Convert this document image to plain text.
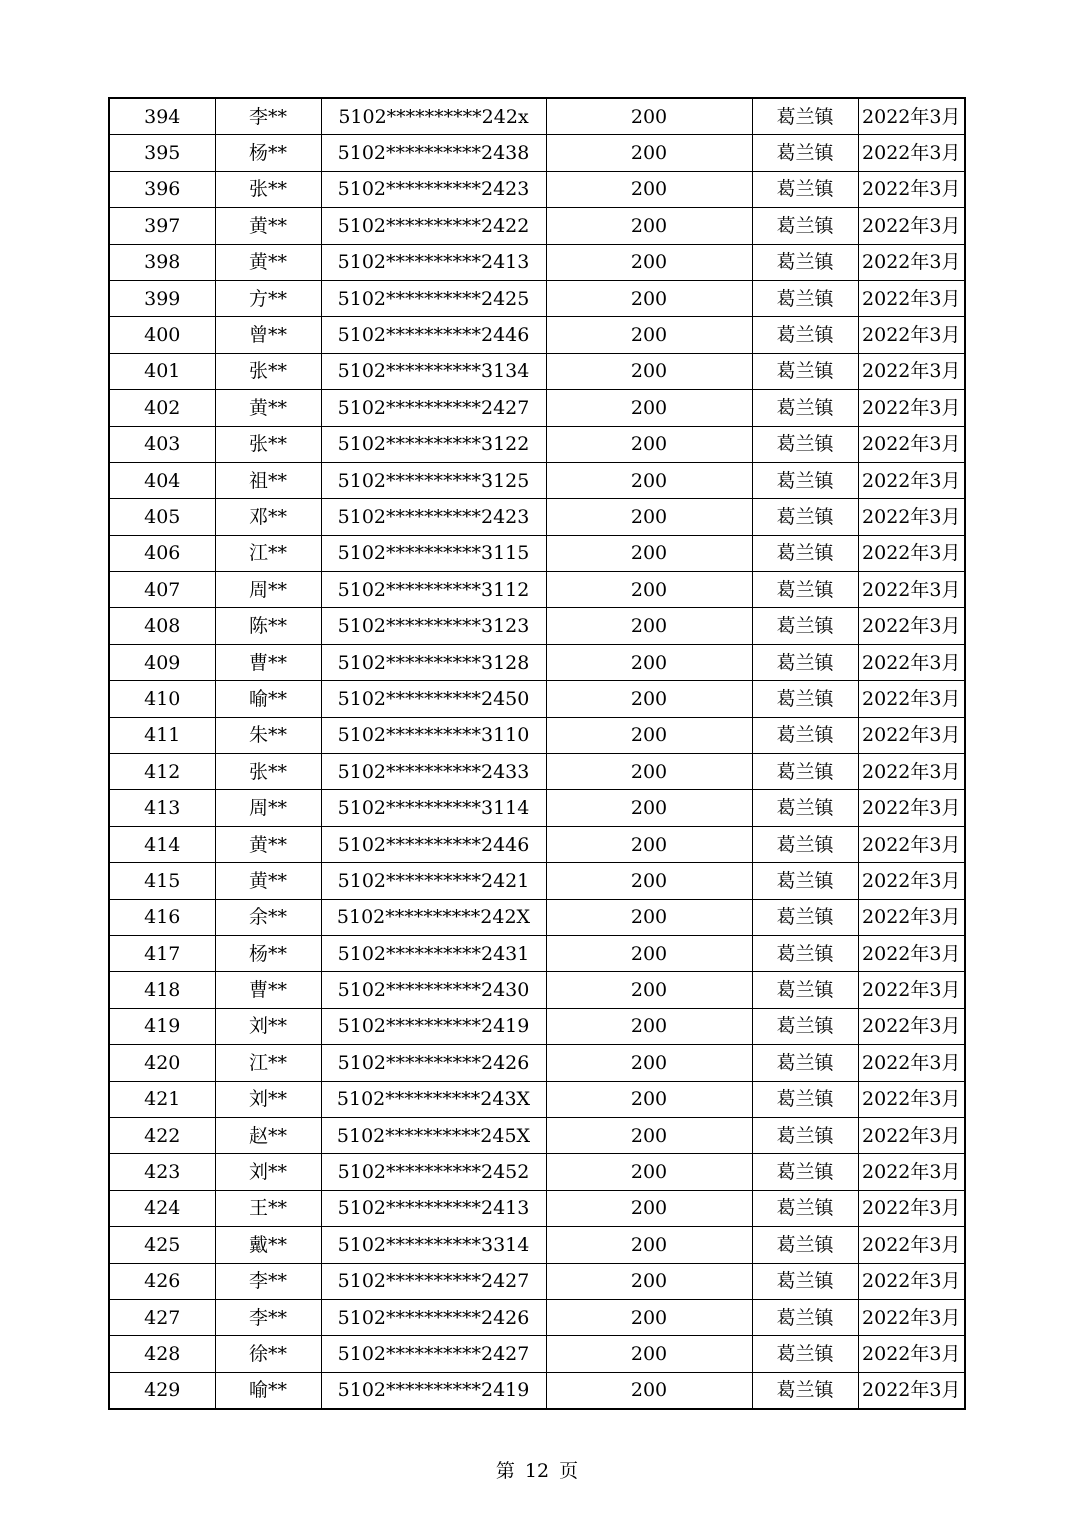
394	李**	5102**********242x	200	葛兰镇	2022年3月
395	杨**	5102**********2438	200	葛兰镇	2022年3月
396	张**	5102**********2423	200	葛兰镇	2022年3月
397	黄**	5102**********2422	200	葛兰镇	2022年3月
398	黄**	5102**********2413	200	葛兰镇	2022年3月
399	方**	5102**********2425	200	葛兰镇	2022年3月
400	曾**	5102**********2446	200	葛兰镇	2022年3月
401	张**	5102**********3134	200	葛兰镇	2022年3月
402	黄**	5102**********2427	200	葛兰镇	2022年3月
403	张**	5102**********3122	200	葛兰镇	2022年3月
404	祖**	5102**********3125	200	葛兰镇	2022年3月
405	邓**	5102**********2423	200	葛兰镇	2022年3月
406	江**	5102**********3115	200	葛兰镇	2022年3月
407	周**	5102**********3112	200	葛兰镇	2022年3月
408	陈**	5102**********3123	200	葛兰镇	2022年3月
409	曹**	5102**********3128	200	葛兰镇	2022年3月
410	喻**	5102**********2450	200	葛兰镇	2022年3月
411	朱**	5102**********3110	200	葛兰镇	2022年3月
412	张**	5102**********2433	200	葛兰镇	2022年3月
413	周**	5102**********3114	200	葛兰镇	2022年3月
414	黄**	5102**********2446	200	葛兰镇	2022年3月
415	黄**	5102**********2421	200	葛兰镇	2022年3月
416	余**	5102**********242X	200	葛兰镇	2022年3月
417	杨**	5102**********2431	200	葛兰镇	2022年3月
418	曹**	5102**********2430	200	葛兰镇	2022年3月
419	刘**	5102**********2419	200	葛兰镇	2022年3月
420	江**	5102**********2426	200	葛兰镇	2022年3月
421	刘**	5102**********243X	200	葛兰镇	2022年3月
422	赵**	5102**********245X	200	葛兰镇	2022年3月
423	刘**	5102**********2452	200	葛兰镇	2022年3月
424	王**	5102**********2413	200	葛兰镇	2022年3月
425	戴**	5102**********3314	200	葛兰镇	2022年3月
426	李**	5102**********2427	200	葛兰镇	2022年3月
427	李**	5102**********2426	200	葛兰镇	2022年3月
428	徐**	5102**********2427	200	葛兰镇	2022年3月
429	喻**	5102**********2419	200	葛兰镇	2022年3月
第 12 页
